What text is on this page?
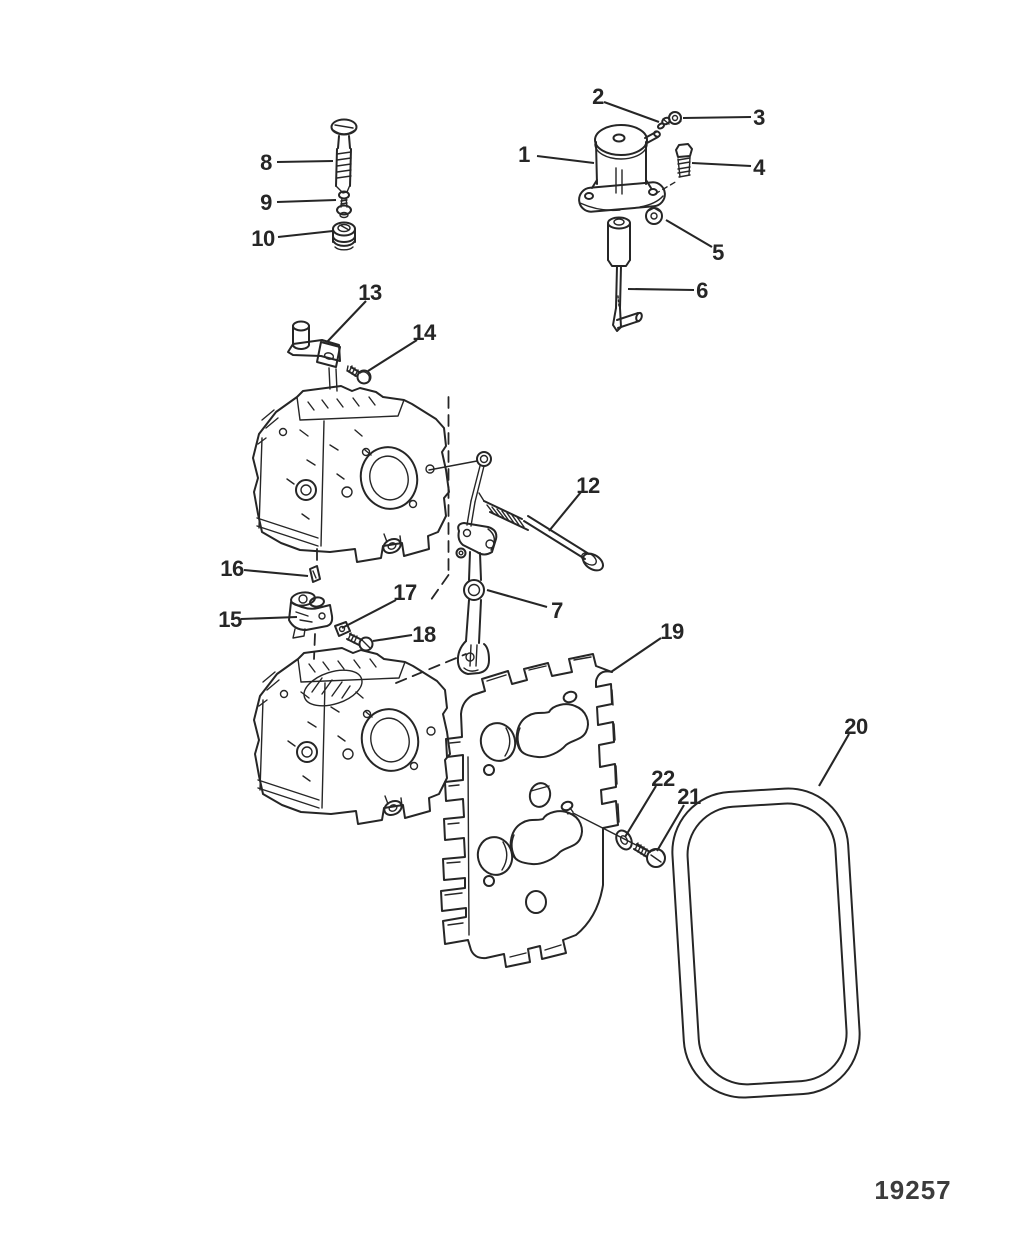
1
2
3
4
5
6
7
8
9
10
12
13
14
15
16
17
18	19
20
21
22
19257
